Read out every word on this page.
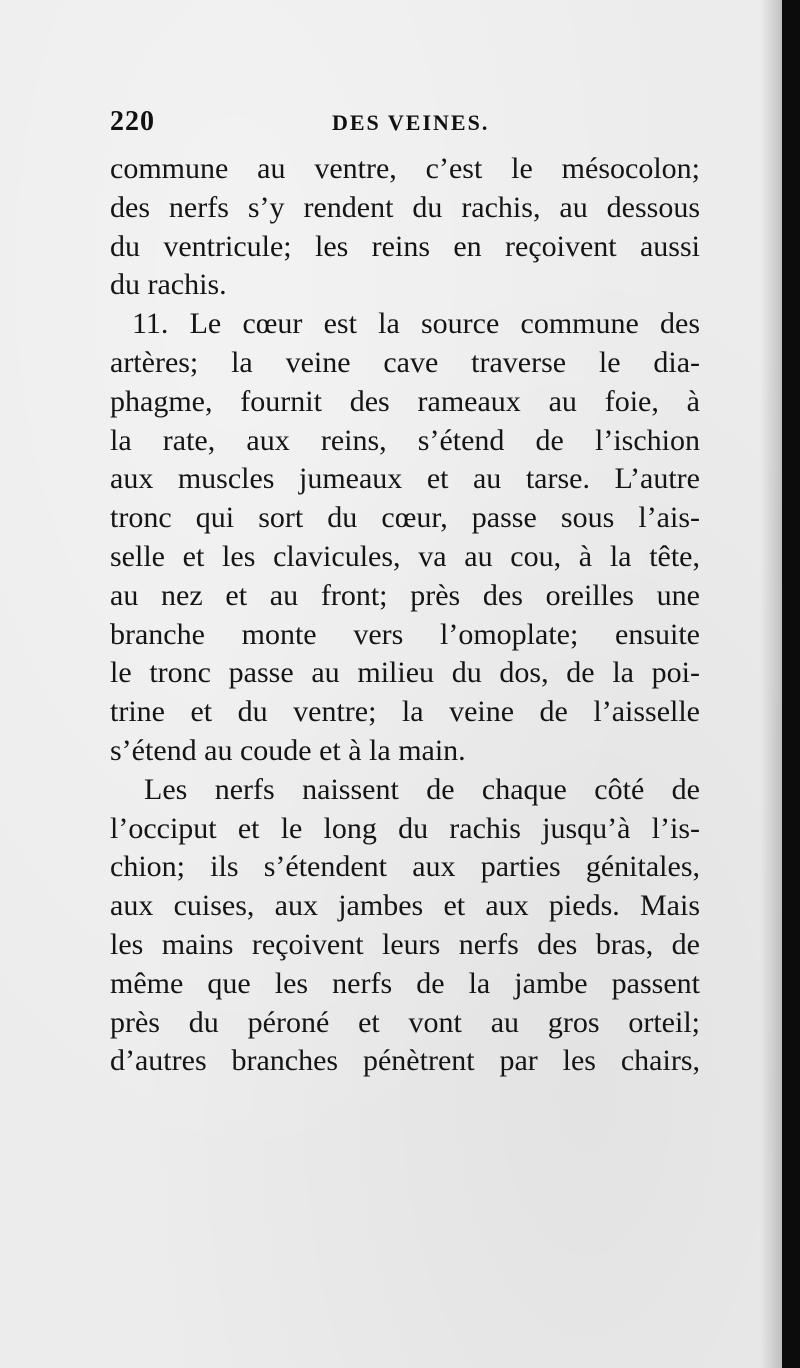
220	DES VEINES.
commune au ventre, c’est le mésocolon;
des nerfs s’y rendent du rachis, au dessous
du ventricule; les reins en reçoivent aussi
du rachis.
11. Le cœur est la source commune des
artères; la veine cave traverse le dia-
phagme, fournit des rameaux au foie, à
la rate, aux reins, s’étend de l’ischion
aux muscles jumeaux et au tarse. L’autre
tronc qui sort du cœur, passe sous l’ais-
selle et les clavicules, va au cou, à la tête,
au nez et au front; près des oreilles une
branche monte vers l’omoplate; ensuite
le tronc passe au milieu du dos, de la poi-
trine et du ventre; la veine de l’aisselle
s’étend au coude et à la main.
Les nerfs naissent de chaque côté de
l’occiput et le long du rachis jusqu’à l’is-
chion; ils s’étendent aux parties génitales,
aux cuises, aux jambes et aux pieds. Mais
les mains reçoivent leurs nerfs des bras, de
même que les nerfs de la jambe passent
près du péroné et vont au gros orteil;
d’autres branches pénètrent par les chairs,
